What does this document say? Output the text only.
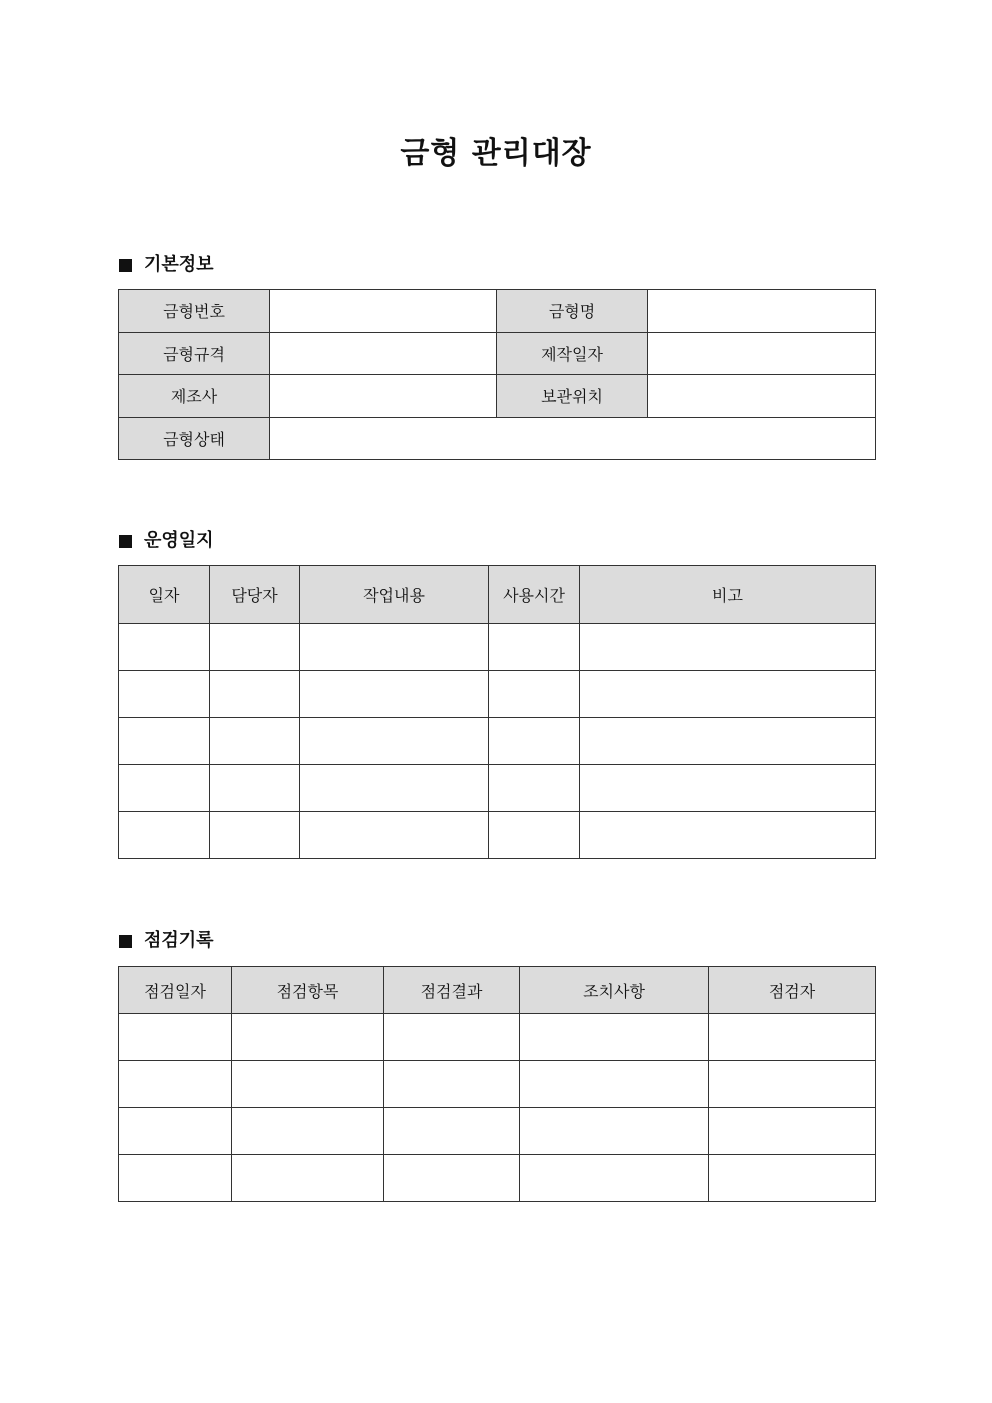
금형 관리대장
기본정보
금형번호		금형명	
금형규격		제작일자	
제조사		보관위치	
금형상태			
운영일지
일자	담당자	작업내용	사용시간	비고

점검기록
점검일자	점검항목	점검결과	조치사항	점검자
